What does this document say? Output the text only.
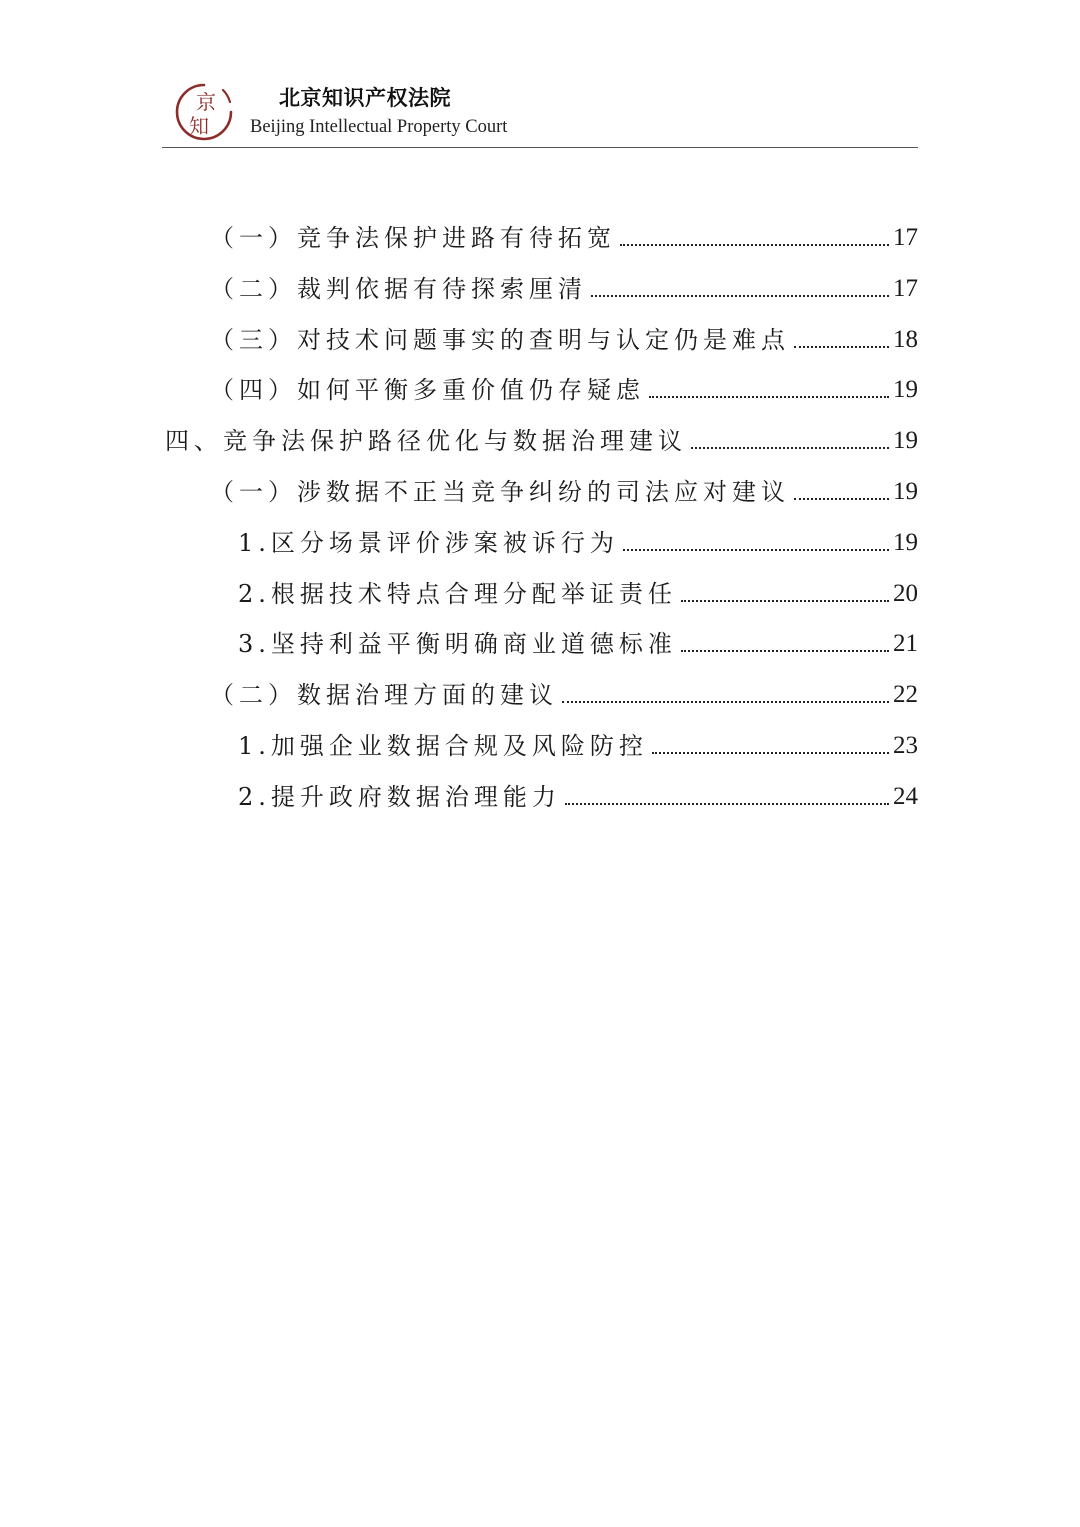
京
知
北京知识产权法院
Beijing Intellectual Property Court
（一）竞争法保护进路有待拓宽	17
（二）裁判依据有待探索厘清	17
（三）对技术问题事实的查明与认定仍是难点	18
（四）如何平衡多重价值仍存疑虑	19
四、竞争法保护路径优化与数据治理建议	19
（一）涉数据不正当竞争纠纷的司法应对建议	19
1.区分场景评价涉案被诉行为	19
2.根据技术特点合理分配举证责任	20
3.坚持利益平衡明确商业道德标准	21
（二）数据治理方面的建议	22
1.加强企业数据合规及风险防控	23
2.提升政府数据治理能力	24
